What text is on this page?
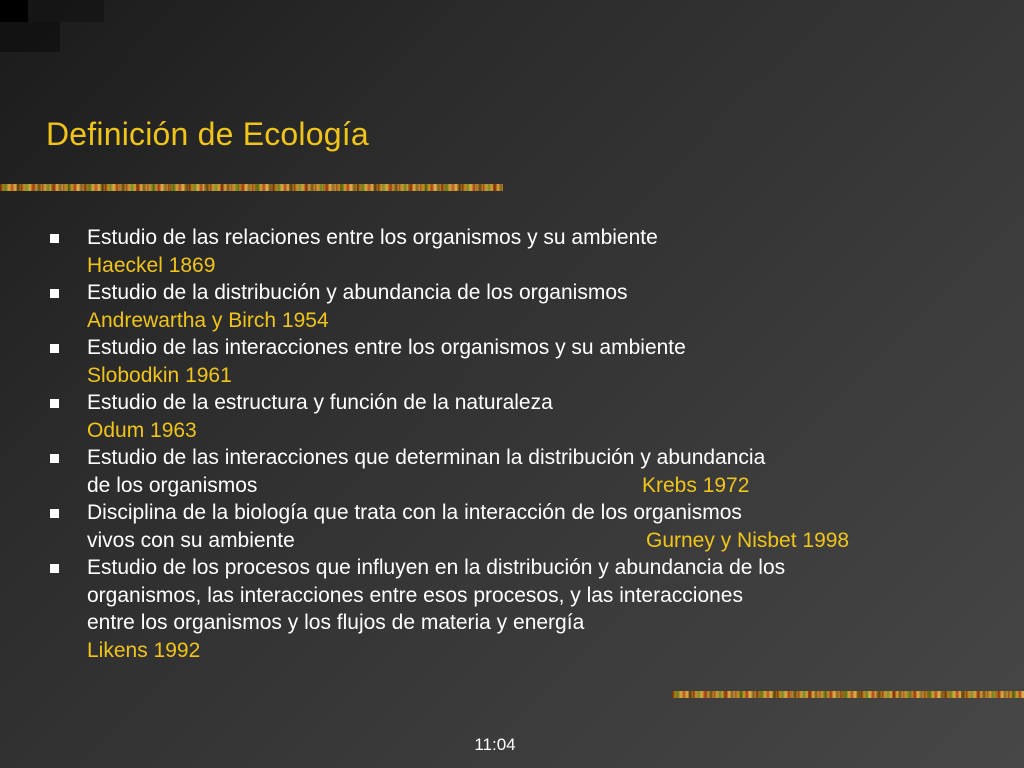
Definición de Ecología
Estudio de las relaciones entre los organismos y su ambiente
Haeckel 1869
Estudio de la distribución y abundancia de los organismos
Andrewartha y Birch 1954
Estudio de las interacciones entre los organismos y su ambiente
Slobodkin 1961
Estudio de la estructura y función de la naturaleza
Odum 1963
Estudio de las interacciones que determinan la distribución y abundancia
de los organismos	Krebs 1972
Disciplina de la biología que trata con la interacción de los organismos
vivos con su ambiente	Gurney y Nisbet 1998
Estudio de los procesos que influyen en la distribución y abundancia de los
organismos, las interacciones entre esos procesos, y las interacciones
entre los organismos y los flujos de materia y energía
Likens 1992
11:04
